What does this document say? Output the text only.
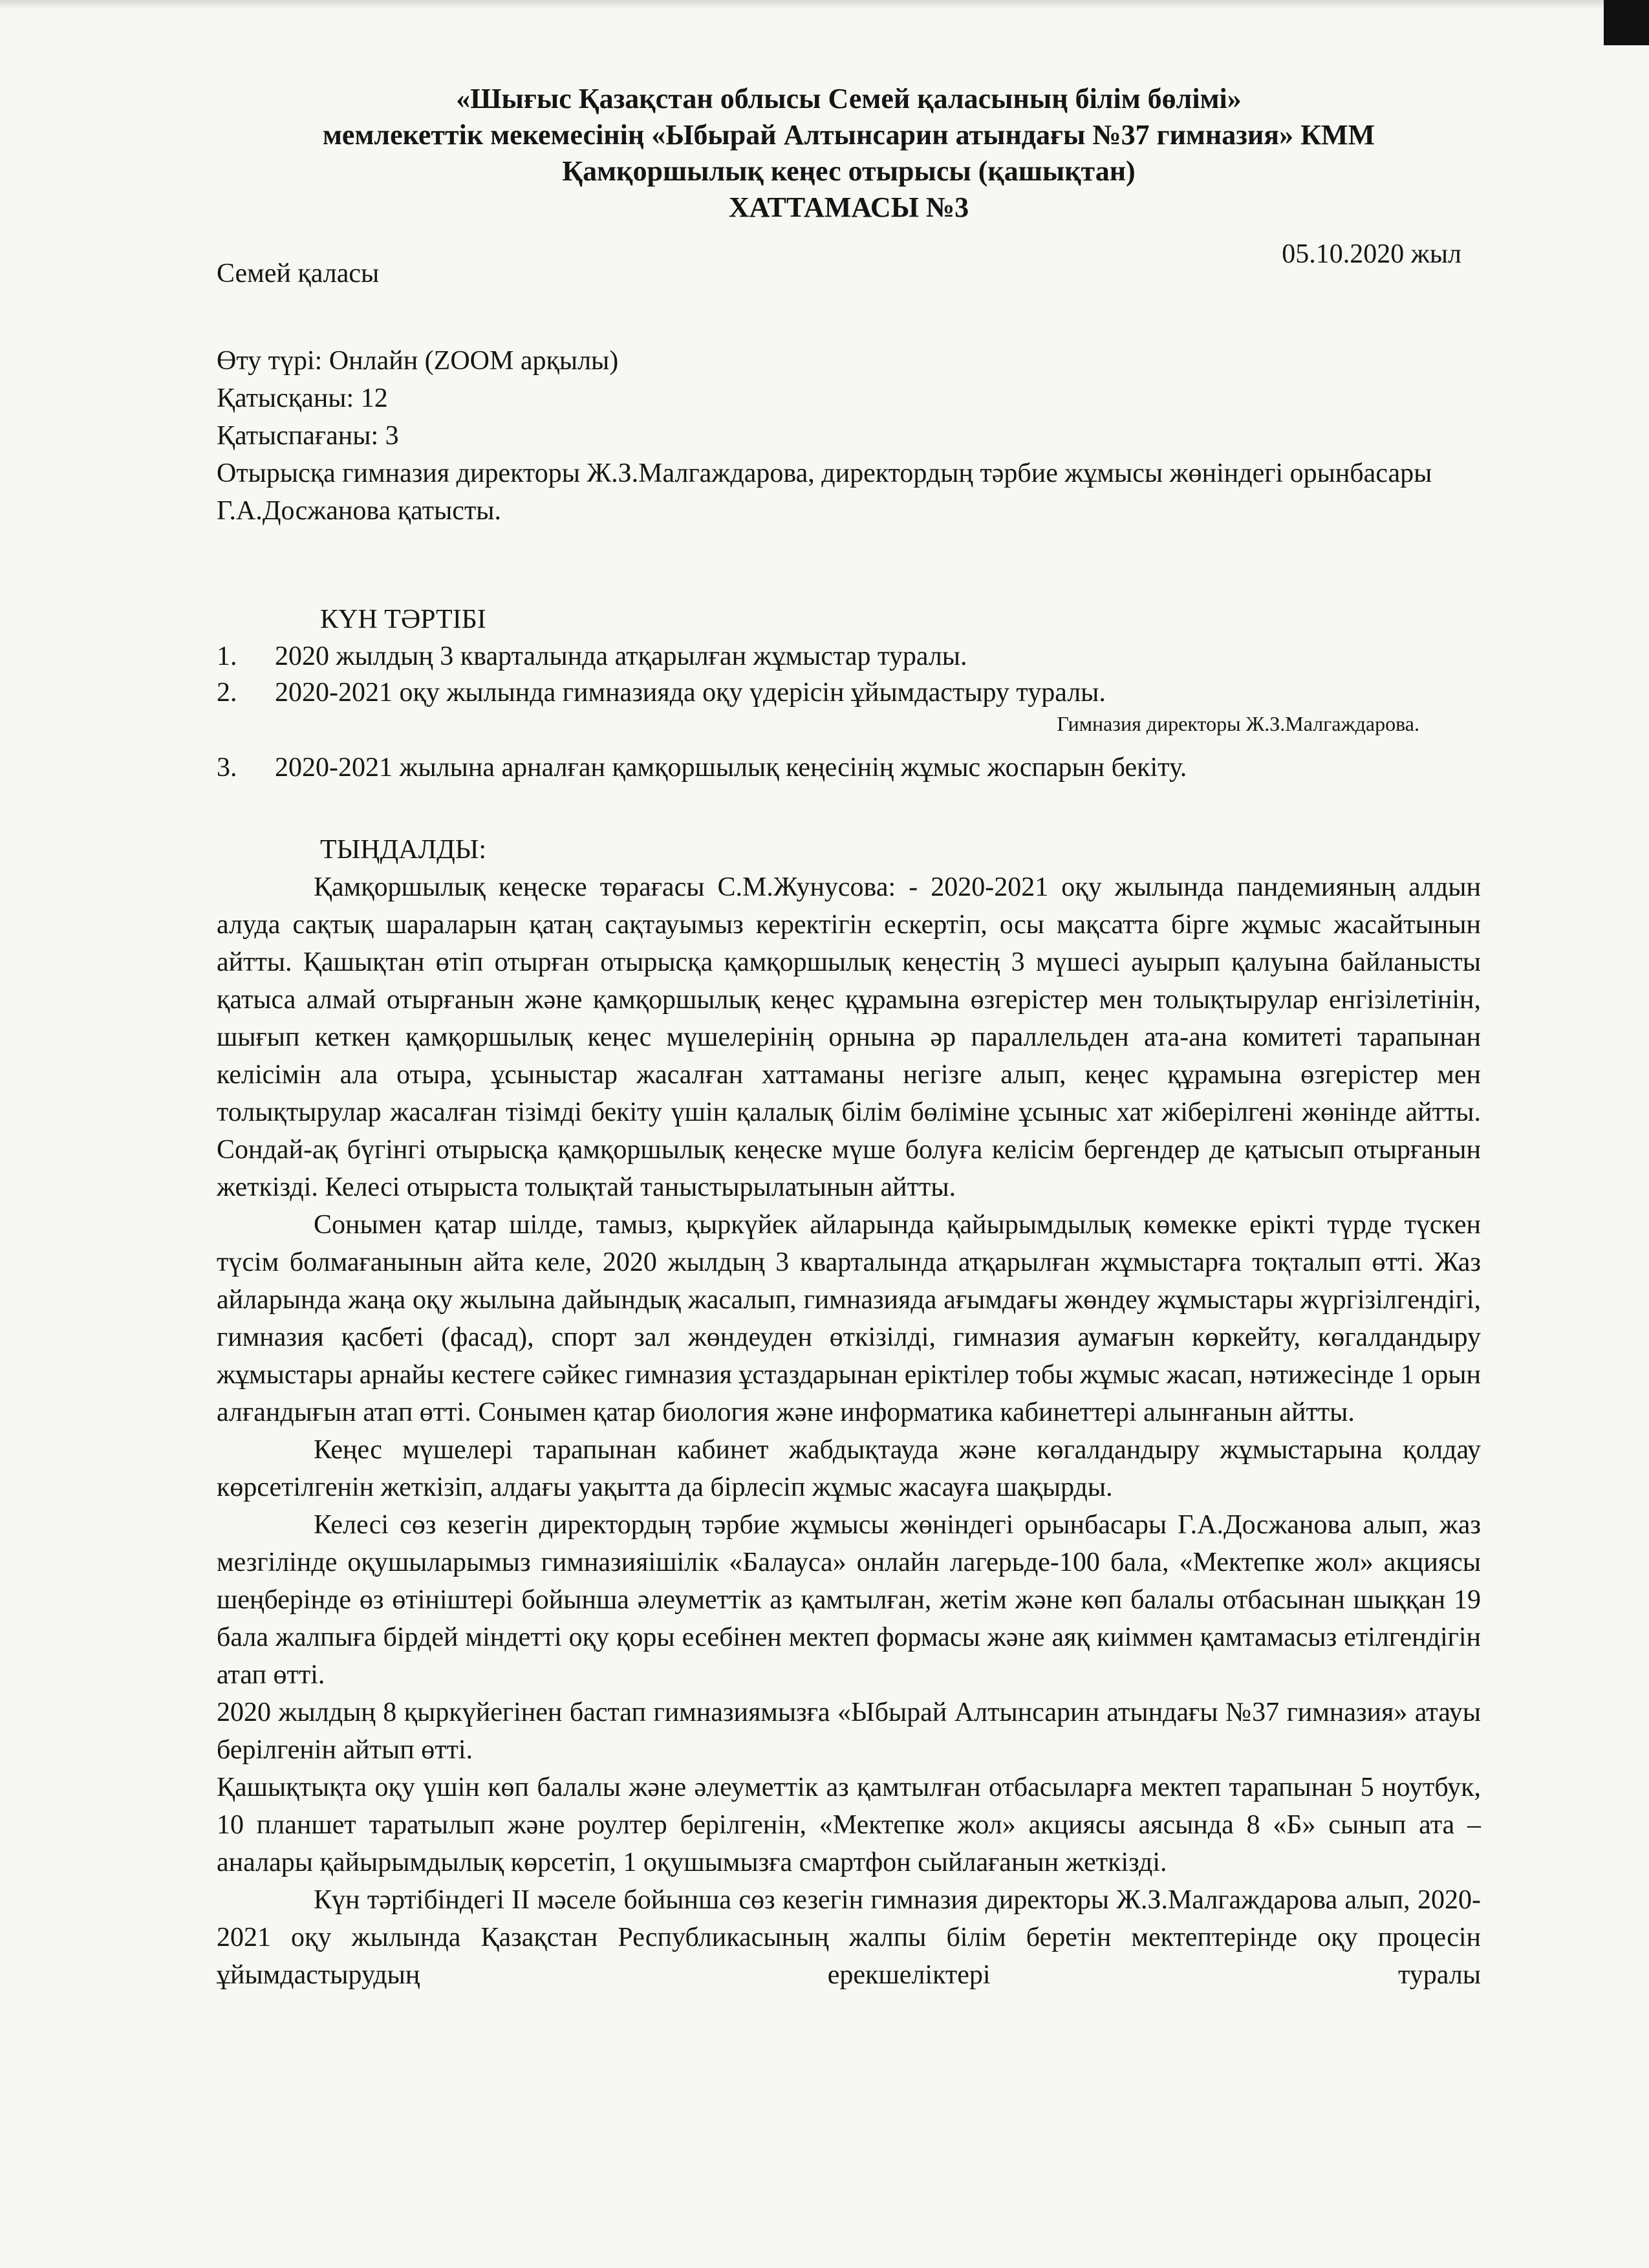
«Шығыс Қазақстан облысы Семей қаласының білім бөлімі»
мемлекеттік мекемесінің «Ыбырай Алтынсарин атындағы №37 гимназия» КММ
Қамқоршылық кеңес отырысы (қашықтан)
ХАТТАМАСЫ №3
05.10.2020 жыл
Семей қаласы
Өту түрі: Онлайн (ZOOM арқылы)
Қатысқаны: 12
Қатыспағаны: 3
Отырысқа гимназия директоры Ж.З.Малгаждарова, директордың тәрбие жұмысы жөніндегі орынбасары Г.А.Досжанова қатысты.
КҮН ТӘРТІБІ
1.	2020 жылдың 3 кварталында атқарылған жұмыстар туралы.
2.	2020-2021 оқу жылында гимназияда оқу үдерісін ұйымдастыру туралы.
Гимназия директоры Ж.З.Малгаждарова.
3.	2020-2021 жылына арналған қамқоршылық кеңесінің жұмыс жоспарын бекіту.
ТЫҢДАЛДЫ:

Қамқоршылық кеңеске төрағасы С.М.Жунусова: - 2020-2021 оқу жылында пандемияның алдын алуда сақтық шараларын қатаң сақтауымыз керектігін ескертіп, осы мақсатта бірге жұмыс жасайтынын айтты. Қашықтан өтіп отырған отырысқа қамқоршылық кеңестің 3 мүшесі ауырып қалуына байланысты қатыса алмай отырғанын және қамқоршылық кеңес құрамына өзгерістер мен толықтырулар енгізілетінін, шығып кеткен қамқоршылық кеңес мүшелерінің орнына әр параллельден ата-ана комитеті тарапынан келісімін ала отыра, ұсыныстар жасалған хаттаманы негізге алып, кеңес құрамына өзгерістер мен толықтырулар жасалған тізімді бекіту үшін қалалық білім бөліміне ұсыныс хат жіберілгені жөнінде айтты. Сондай-ақ бүгінгі отырысқа қамқоршылық кеңеске мүше болуға келісім бергендер де қатысып отырғанын жеткізді. Келесі отырыста толықтай таныстырылатынын айтты.

Сонымен қатар шілде, тамыз, қыркүйек айларында қайырымдылық көмекке ерікті түрде түскен түсім болмағанынын айта келе, 2020 жылдың 3 кварталында атқарылған жұмыстарға тоқталып өтті. Жаз айларында жаңа оқу жылына дайындық жасалып, гимназияда ағымдағы жөндеу жұмыстары жүргізілгендігі, гимназия қасбеті (фасад), спорт зал жөндеуден өткізілді, гимназия аумағын көркейту, көгалдандыру жұмыстары арнайы кестеге сәйкес гимназия ұстаздарынан еріктілер тобы жұмыс жасап, нәтижесінде 1 орын алғандығын атап өтті. Сонымен қатар биология және информатика кабинеттері алынғанын айтты.

Кеңес мүшелері тарапынан кабинет жабдықтауда және көгалдандыру жұмыстарына қолдау көрсетілгенін жеткізіп, алдағы уақытта да бірлесіп жұмыс жасауға шақырды.

Келесі сөз кезегін директордың тәрбие жұмысы жөніндегі орынбасары Г.А.Досжанова алып, жаз мезгілінде оқушыларымыз гимназияішілік «Балауса» онлайн лагерьде-100 бала, «Мектепке жол» акциясы шеңберінде өз өтініштері бойынша әлеуметтік аз қамтылған, жетім және көп балалы отбасынан шыққан 19 бала жалпыға бірдей міндетті оқу қоры есебінен мектеп формасы және аяқ киіммен қамтамасыз етілгендігін атап өтті.

2020 жылдың 8 қыркүйегінен бастап гимназиямызға «Ыбырай Алтынсарин атындағы №37 гимназия» атауы берілгенін айтып өтті.

Қашықтықта оқу үшін көп балалы және әлеуметтік аз қамтылған отбасыларға мектеп тарапынан 5 ноутбук, 10 планшет таратылып және роултер берілгенін, «Мектепке жол» акциясы аясында 8 «Б» сынып ата – аналары қайырымдылық көрсетіп, 1 оқушымызға смартфон сыйлағанын жеткізді.

Күн тәртібіндегі ІІ мәселе бойынша сөз кезегін гимназия директоры Ж.З.Малгаждарова алып, 2020-2021 оқу жылында Қазақстан Республикасының жалпы білім беретін мектептерінде оқу процесін ұйымдастырудың ерекшеліктері туралы
